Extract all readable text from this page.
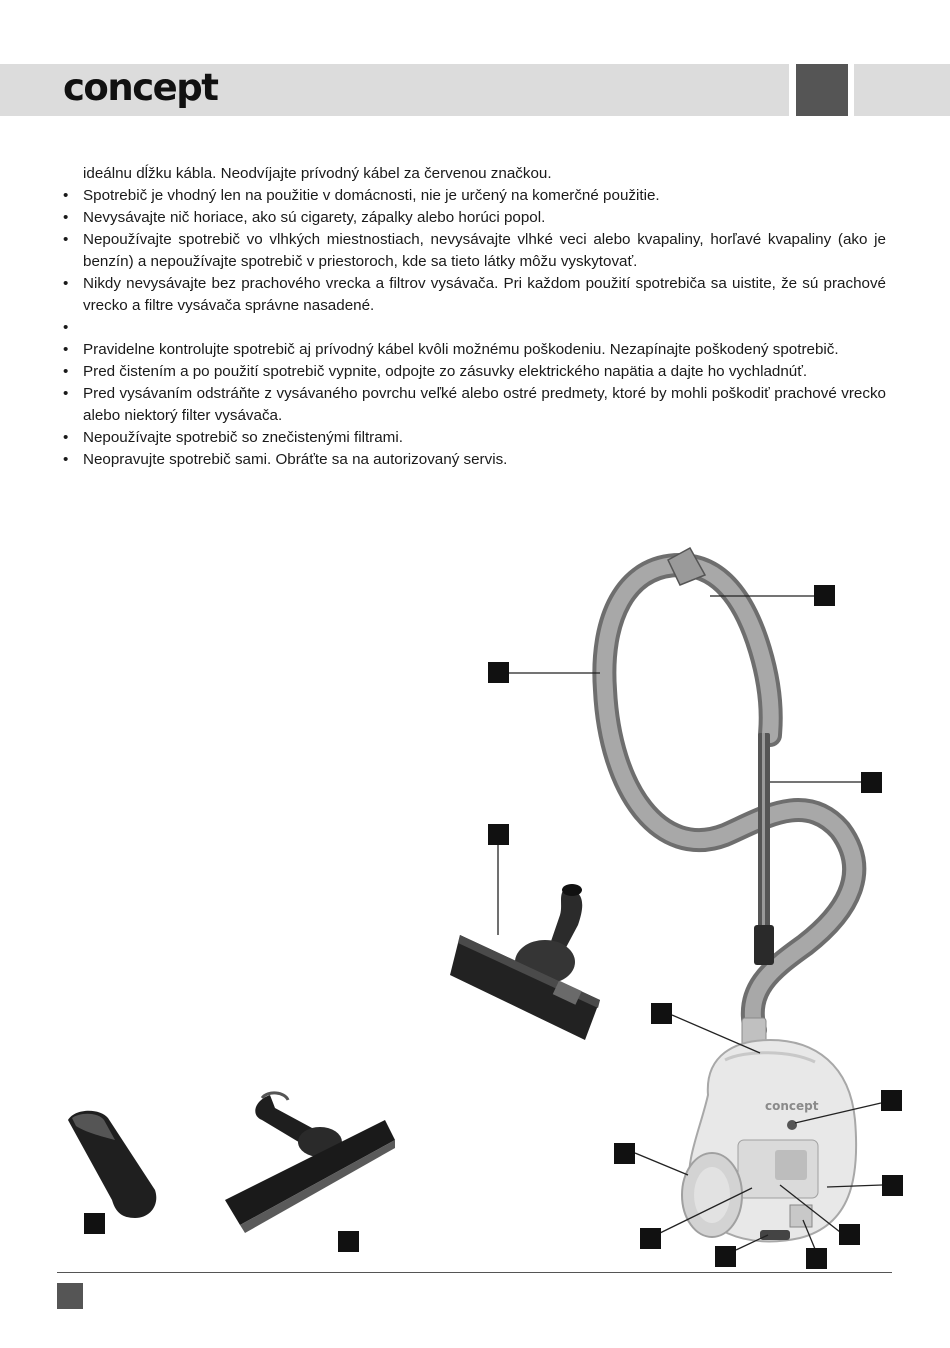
concept
ideálnu dĺžku kábla. Neodvíjajte prívodný kábel za červenou značkou.
• Spotrebič je vhodný len na použitie v domácnosti, nie je určený na komerčné použitie.
• Nevysávajte nič horiace, ako sú cigarety, zápalky alebo horúci popol.
• Nepoužívajte spotrebič vo vlhkých miestnostiach, nevysávajte vlhké veci alebo kvapaliny, horľavé kvapaliny (ako je benzín) a nepoužívajte spotrebič v priestoroch, kde sa tieto látky môžu vyskytovať.
• Nikdy nevysávajte bez prachového vrecka a filtrov vysávača. Pri každom použití spotrebiča sa uistite, že sú prachové vrecko a filtre vysávača správne nasadené.
•
• Pravidelne kontrolujte spotrebič aj prívodný kábel kvôli možnému poškodeniu. Nezapínajte poškodený spotrebič.
• Pred čistením a po použití spotrebič vypnite, odpojte zo zásuvky elektrického napätia a dajte ho vychladnúť.
• Pred vysávaním odstráňte z vysávaného povrchu veľké alebo ostré predmety, ktoré by mohli poškodiť prachové vrecko alebo niektorý filter vysávača.
• Nepoužívajte spotrebič so znečistenými filtrami.
• Neopravujte spotrebič sami. Obráťte sa na autorizovaný servis.
concept
